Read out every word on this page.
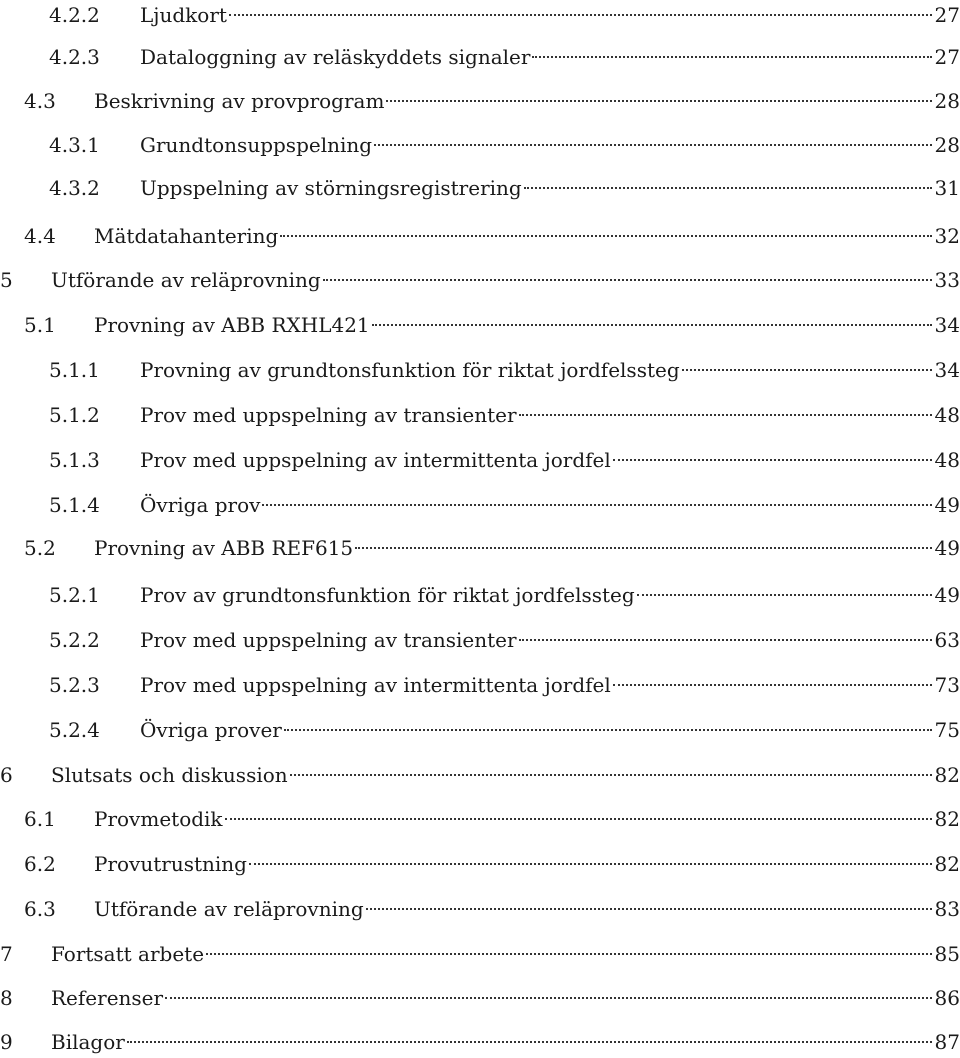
4.2.2	Ljudkort	27
4.2.3	Dataloggning av reläskyddets signaler	27
4.3	Beskrivning av provprogram	28
4.3.1	Grundtonsuppspelning	28
4.3.2	Uppspelning av störningsregistrering	31
4.4	Mätdatahantering	32
5	Utförande av reläprovning	33
5.1	Provning av ABB RXHL421	34
5.1.1	Provning av grundtonsfunktion för riktat jordfelssteg	34
5.1.2	Prov med uppspelning av transienter	48
5.1.3	Prov med uppspelning av intermittenta jordfel	48
5.1.4	Övriga prov	49
5.2	Provning av ABB REF615	49
5.2.1	Prov av grundtonsfunktion för riktat jordfelssteg	49
5.2.2	Prov med uppspelning av transienter	63
5.2.3	Prov med uppspelning av intermittenta jordfel	73
5.2.4	Övriga prover	75
6	Slutsats och diskussion	82
6.1	Provmetodik	82
6.2	Provutrustning	82
6.3	Utförande av reläprovning	83
7	Fortsatt arbete	85
8	Referenser	86
9	Bilagor	87
